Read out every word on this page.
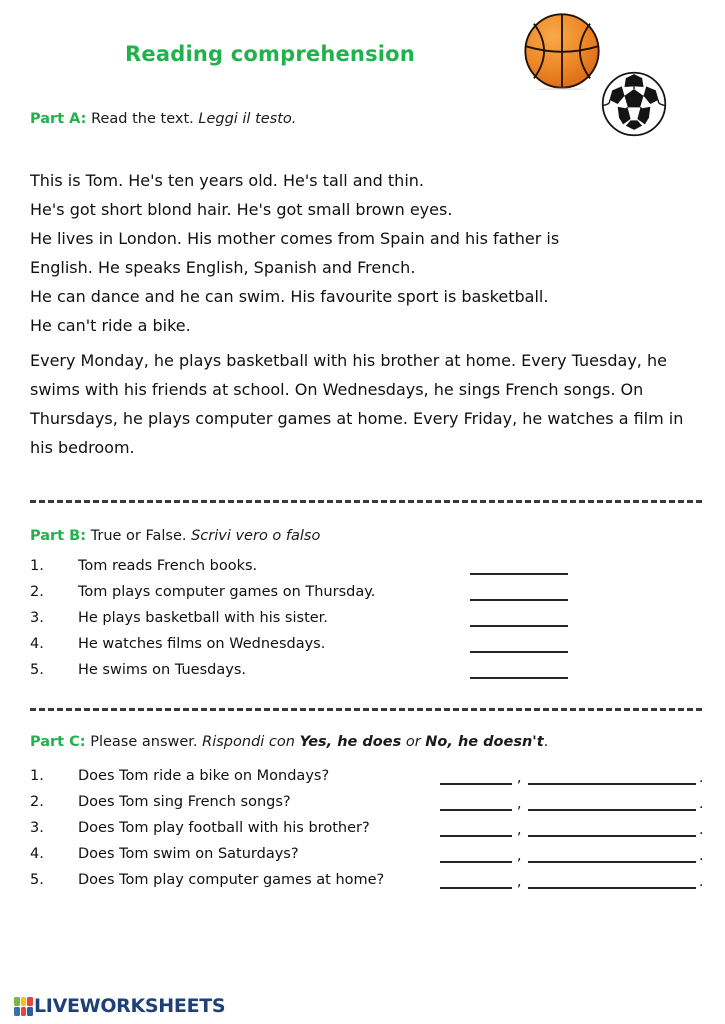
Reading comprehension
Part A: Read the text. Leggi il testo.
This is Tom. He's ten years old. He's tall and thin.
He's got short blond hair. He's got small brown eyes.
He lives in London. His mother comes from Spain and his father is
English. He speaks English, Spanish and French.
He can dance and he can swim. His favourite sport is basketball.
He can't ride a bike.
Every Monday, he plays basketball with his brother at home. Every Tuesday, he swims with his friends at school. On Wednesdays, he sings French songs. On Thursdays, he plays computer games at home. Every Friday, he watches a film in his bedroom.
Part B: True or False. Scrivi vero o falso
1.	Tom reads French books.
2.	Tom plays computer games on Thursday.
3.	He plays basketball with his sister.
4.	He watches films on Wednesdays.
5.	He swims on Tuesdays.
Part C: Please answer. Rispondi con Yes, he does or No, he doesn't.
1.	Does Tom ride a bike on Mondays?	,	.
2.	Does Tom sing French songs?	,	.
3.	Does Tom play football with his brother?	,	.
4.	Does Tom swim on Saturdays?	,	.
5.	Does Tom play computer games at home?	,	.
LIVEWORKSHEETS
